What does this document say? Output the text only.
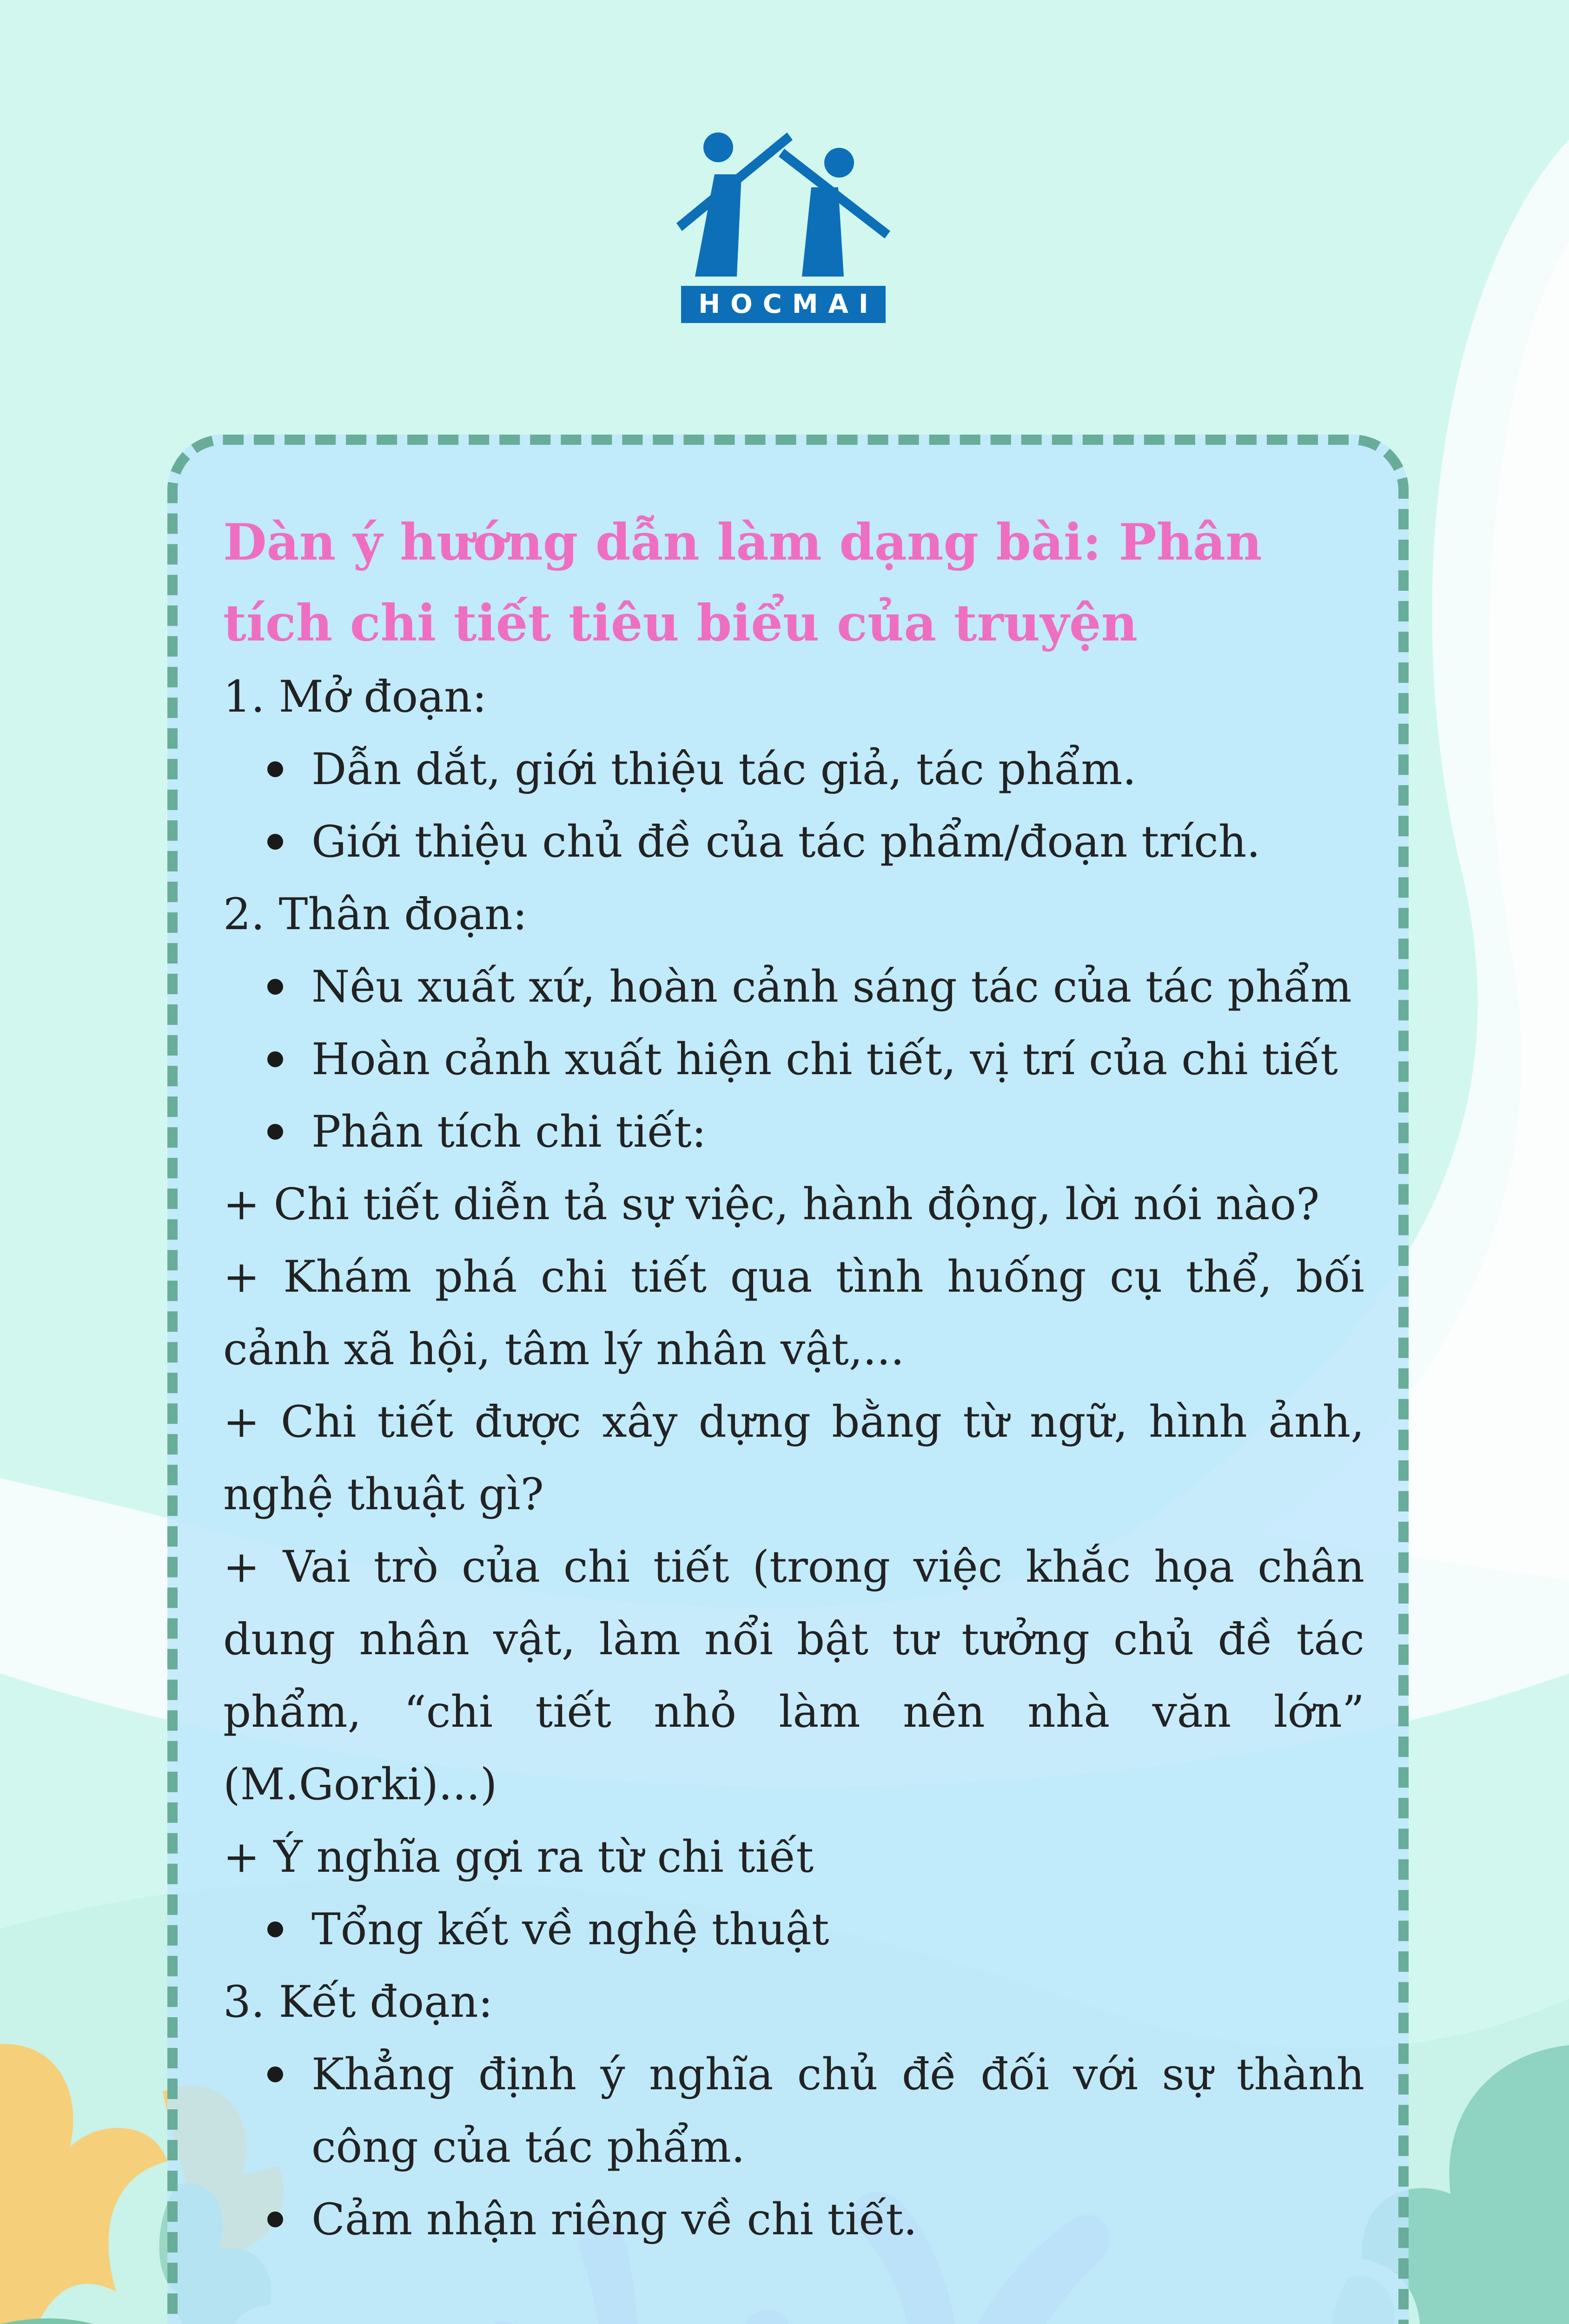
HOCMAI
Dàn ý hướng dẫn làm dạng bài: Phân tích chi tiết tiêu biểu của truyện

1. Mở đoạn:

Dẫn dắt, giới thiệu tác giả, tác phẩm.
Giới thiệu chủ đề của tác phẩm/đoạn trích.

2. Thân đoạn:

Nêu xuất xứ, hoàn cảnh sáng tác của tác phẩm
Hoàn cảnh xuất hiện chi tiết, vị trí của chi tiết
Phân tích chi tiết:

+ Chi tiết diễn tả sự việc, hành động, lời nói nào?

+ Khám phá chi tiết qua tình huống cụ thể, bối cảnh xã hội, tâm lý nhân vật,...

+ Chi tiết được xây dựng bằng từ ngữ, hình ảnh, nghệ thuật gì?

+ Vai trò của chi tiết (trong việc khắc họa chân dung nhân vật, làm nổi bật tư tưởng chủ đề tác phẩm, “chi tiết nhỏ làm nên nhà văn lớn” (M.Gorki)...)

+ Ý nghĩa gợi ra từ chi tiết

Tổng kết về nghệ thuật

3. Kết đoạn:

Khẳng định ý nghĩa chủ đề đối với sự thành công của tác phẩm.
Cảm nhận riêng về chi tiết.
